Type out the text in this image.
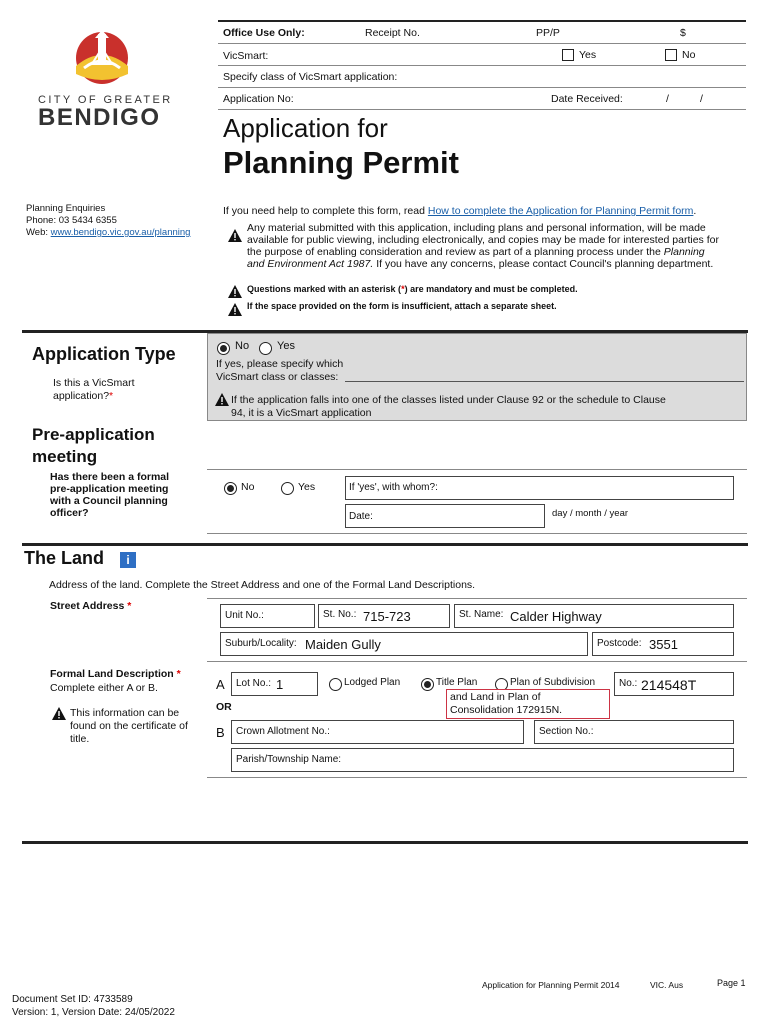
CITY OF GREATER
BENDIGO
Office Use Only:	Receipt No.	PP/P	$
VicSmart:	Yes	No
Specify class of VicSmart application:
Application No:	Date Received:	/	/
Application for
Planning Permit
Planning Enquiries
Phone: 03 5434 6355
Web: www.bendigo.vic.gov.au/planning
If you need help to complete this form, read How to complete the Application for Planning Permit form.
Any material submitted with this application, including plans and personal information, will be made
available for public viewing, including electronically, and copies may be made for interested parties for
the purpose of enabling consideration and review as part of a planning process under the Planning
and Environment Act 1987. If you have any concerns, please contact Council's planning department.
Questions marked with an asterisk (*) are mandatory and must be completed.
If the space provided on the form is insufficient, attach a separate sheet.
Application Type
Is this a VicSmart
application?*
No	Yes
If yes, please specify which
VicSmart class or classes:
If the application falls into one of the classes listed under Clause 92 or the schedule to Clause
94, it is a VicSmart application
Pre-application
meeting
Has there been a formal
pre-application meeting
with a Council planning
officer?
No	Yes	If 'yes', with whom?:
Date:	day / month / year
The Land	i
Address of the land. Complete the Street Address and one of the Formal Land Descriptions.
Street Address *
Unit No.:	St. No.: 715-723	St. Name: Calder Highway
Suburb/Locality: Maiden Gully	Postcode: 3551
Formal Land Description *
Complete either A or B.
This information can be
found on the certificate of
title.
A Lot No.: 1	Lodged Plan	Title Plan	Plan of Subdivision No.: 214548T
and Land in Plan of
Consolidation 172915N.
OR
B Crown Allotment No.:	Section No.:
Parish/Township Name:
Application for Planning Permit 2014	VIC. Aus	Page 1
Document Set ID: 4733589
Version: 1, Version Date: 24/05/2022
